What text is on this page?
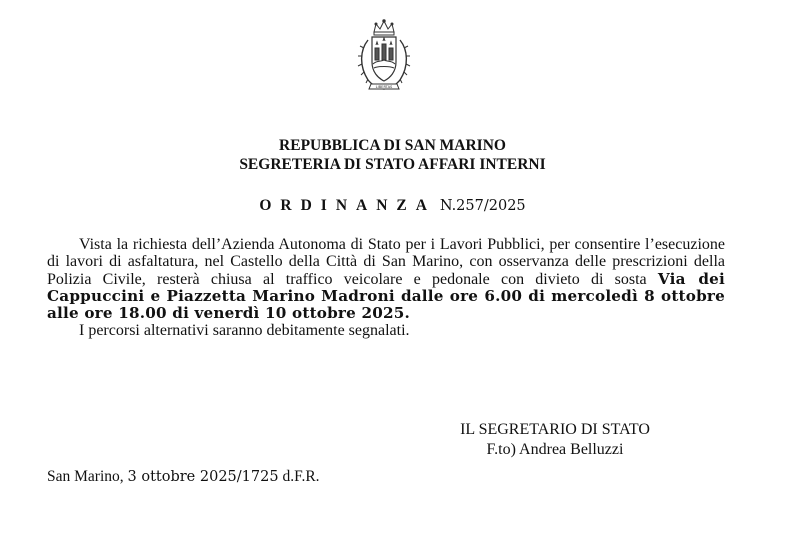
LIBERTAS
REPUBBLICA DI SAN MARINO
SEGRETERIA DI STATO AFFARI INTERNI
ORDINANZA N.257/2025

Vista la richiesta dell’Azienda Autonoma di Stato per i Lavori Pubblici, per consentire l’esecuzione di lavori di asfaltatura, nel Castello della Città di San Marino, con osservanza delle prescrizioni della Polizia Civile, resterà chiusa al traffico veicolare e pedonale con divieto di sosta Via dei Cappuccini e Piazzetta Marino Madroni dalle ore 6.00 di mercoledì 8 ottobre alle ore 18.00 di venerdì 10 ottobre 2025.

I percorsi alternativi saranno debitamente segnalati.

IL SEGRETARIO DI STATO
F.to) Andrea Belluzzi
San Marino, 3 ottobre 2025/1725 d.F.R.
